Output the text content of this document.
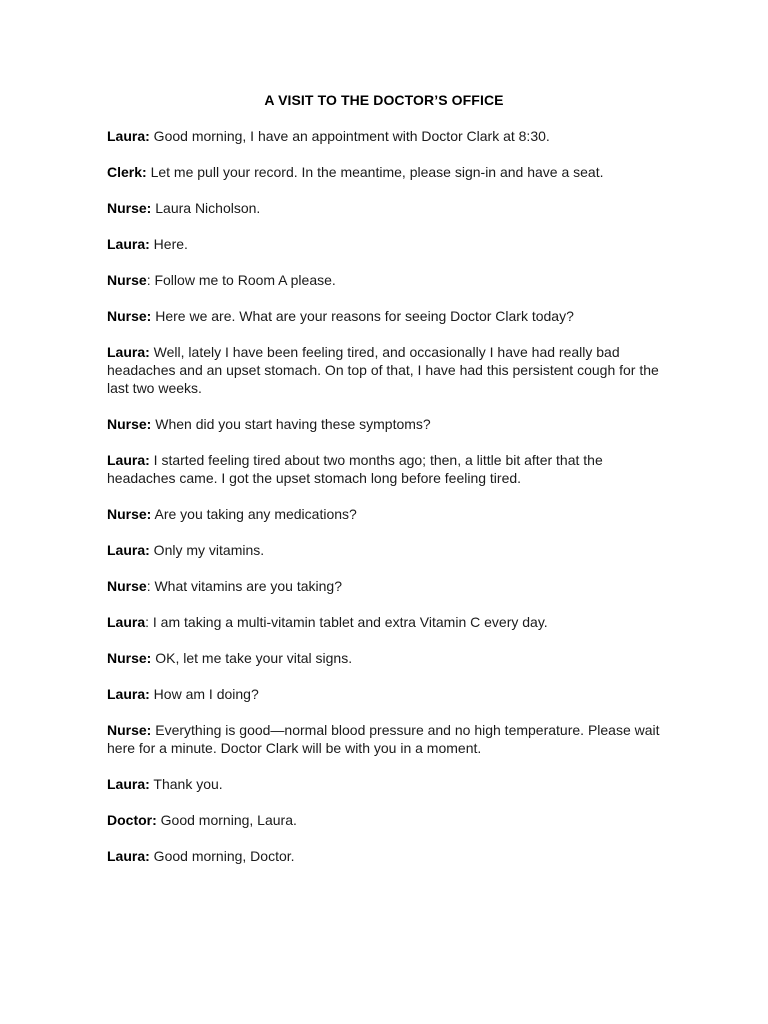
A VISIT TO THE DOCTOR’S OFFICE
Laura: Good morning, I have an appointment with Doctor Clark at 8:30.
Clerk: Let me pull your record. In the meantime, please sign-in and have a seat.
Nurse: Laura Nicholson.
Laura: Here.
Nurse: Follow me to Room A please.
Nurse: Here we are. What are your reasons for seeing Doctor Clark today?
Laura: Well, lately I have been feeling tired, and occasionally I have had really bad headaches and an upset stomach. On top of that, I have had this persistent cough for the last two weeks.
Nurse: When did you start having these symptoms?
Laura: I started feeling tired about two months ago; then, a little bit after that the headaches came. I got the upset stomach long before feeling tired.
Nurse: Are you taking any medications?
Laura: Only my vitamins.
Nurse: What vitamins are you taking?
Laura: I am taking a multi-vitamin tablet and extra Vitamin C every day.
Nurse: OK, let me take your vital signs.
Laura: How am I doing?
Nurse: Everything is good—normal blood pressure and no high temperature. Please wait here for a minute. Doctor Clark will be with you in a moment.
Laura: Thank you.
Doctor: Good morning, Laura.
Laura: Good morning, Doctor.
